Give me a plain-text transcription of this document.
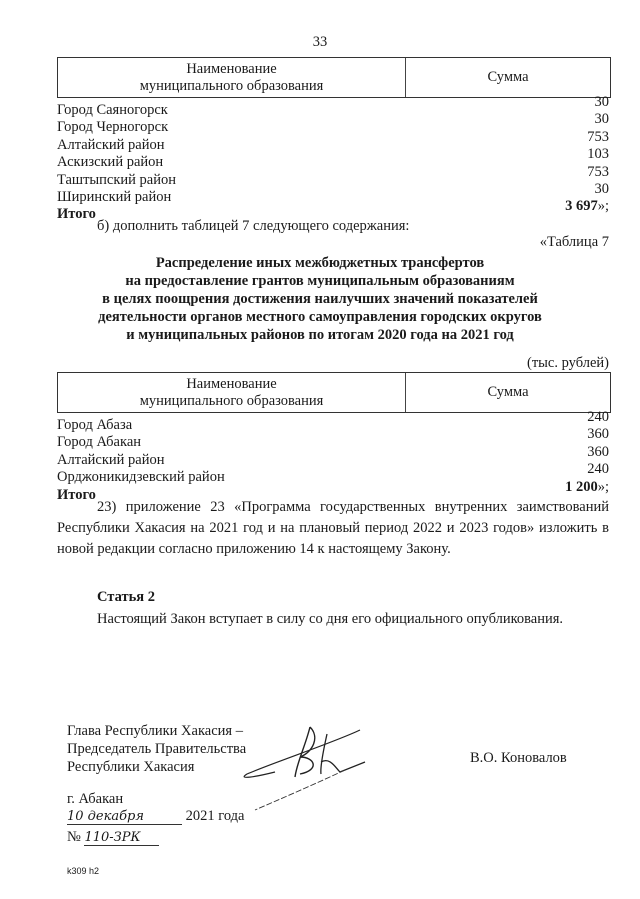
33
Наименование
муниципального образования
Сумма
Город Саяногорск	30
Город Черногорск	30
Алтайский район	753
Аскизский район	103
Таштыпский район	753
Ширинский район	30
Итого	3 697»;
б) дополнить таблицей 7 следующего содержания:
«Таблица 7
Распределение иных межбюджетных трансфертов
на предоставление грантов муниципальным образованиям
в целях поощрения достижения наилучших значений показателей
деятельности органов местного самоуправления городских округов
и муниципальных районов по итогам 2020 года на 2021 год
(тыс. рублей)
Наименование
муниципального образования
Сумма
Город Абаза	240
Город Абакан	360
Алтайский район	360
Орджоникидзевский район	240
Итого	1 200»;
23) приложение 23 «Программа государственных внутренних заимствований Республики Хакасия на 2021 год и на плановый период 2022 и 2023 годов» изложить в новой редакции согласно приложению 14 к настоящему Закону.
Статья 2
Настоящий Закон вступает в силу со дня его официального опубликования.
Глава Республики Хакасия –
Председатель Правительства
Республики Хакасия
В.О. Коновалов
г. Абакан
10 декабря	2021 года
№ 110-ЗРК
k309 h2
